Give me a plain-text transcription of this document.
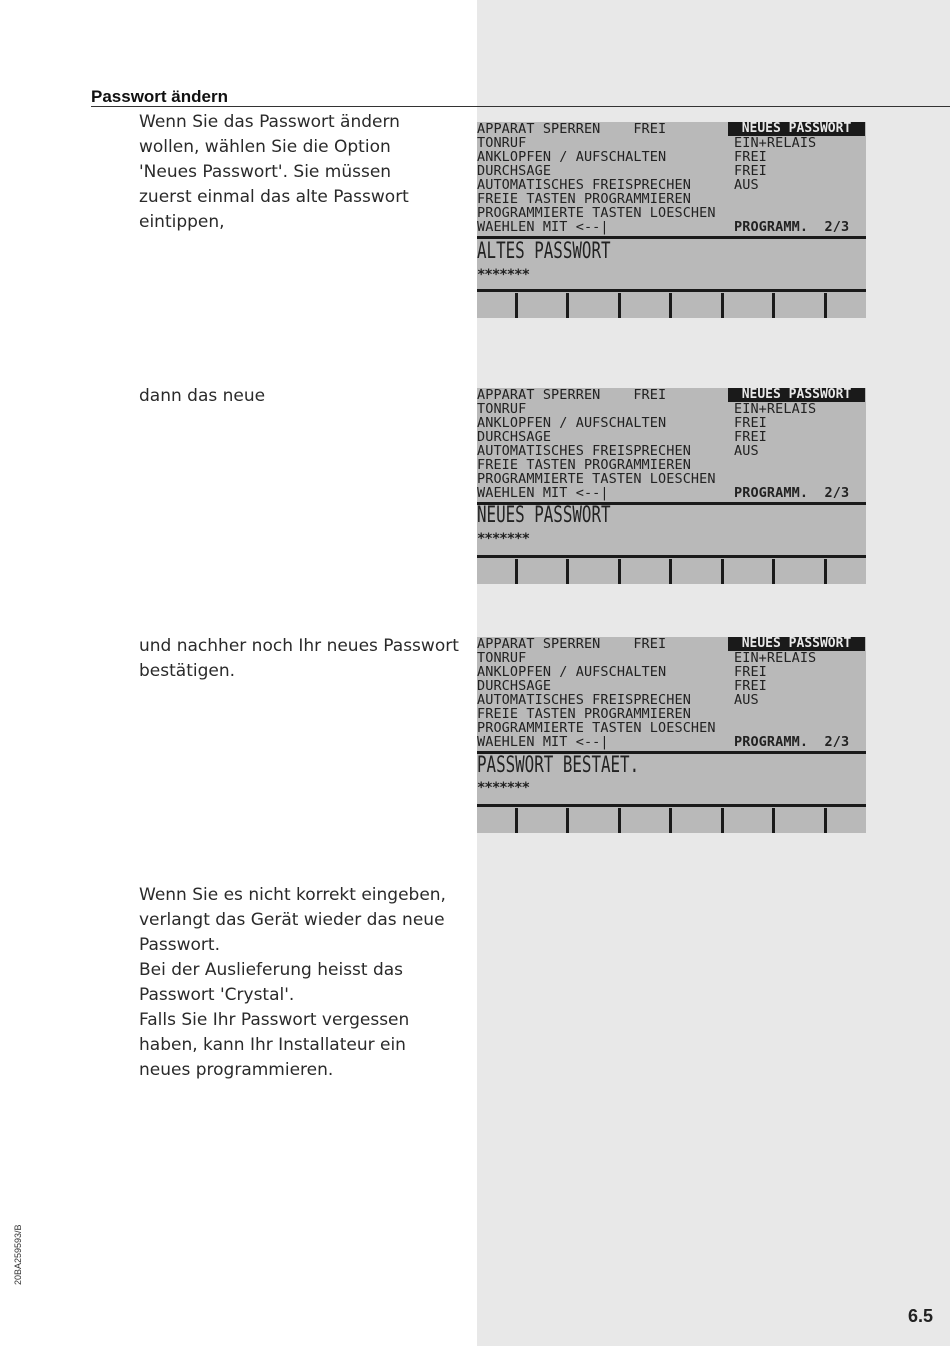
Passwort ändern
Wenn Sie das Passwort ändern
wollen, wählen Sie die Option
'Neues Passwort'. Sie müssen
zuerst einmal das alte Passwort
eintippen,
dann das neue
und nachher noch Ihr neues Passwort
bestätigen.
Wenn Sie es nicht korrekt eingeben,
verlangt das Gerät wieder das neue
Passwort.
Bei der Auslieferung heisst das
Passwort 'Crystal'.
Falls Sie Ihr Passwort vergessen
haben, kann Ihr Installateur ein
neues programmieren.
NEUES PASSWORT
APPARAT SPERREN    FREI
TONRUF	EIN+RELAIS
ANKLOPFEN / AUFSCHALTEN	FREI
DURCHSAGE	FREI
AUTOMATISCHES FREISPRECHEN	AUS
FREIE TASTEN PROGRAMMIEREN
PROGRAMMIERTE TASTEN LOESCHEN
WAEHLEN MIT <--|	PROGRAMM.  2/3
ALTES PASSWORT
*******
NEUES PASSWORT
APPARAT SPERREN    FREI
TONRUF	EIN+RELAIS
ANKLOPFEN / AUFSCHALTEN	FREI
DURCHSAGE	FREI
AUTOMATISCHES FREISPRECHEN	AUS
FREIE TASTEN PROGRAMMIEREN
PROGRAMMIERTE TASTEN LOESCHEN
WAEHLEN MIT <--|	PROGRAMM.  2/3
NEUES PASSWORT
*******
NEUES PASSWORT
APPARAT SPERREN    FREI
TONRUF	EIN+RELAIS
ANKLOPFEN / AUFSCHALTEN	FREI
DURCHSAGE	FREI
AUTOMATISCHES FREISPRECHEN	AUS
FREIE TASTEN PROGRAMMIEREN
PROGRAMMIERTE TASTEN LOESCHEN
WAEHLEN MIT <--|	PROGRAMM.  2/3
PASSWORT BESTAET.
*******
20BA259593/B
6.5
